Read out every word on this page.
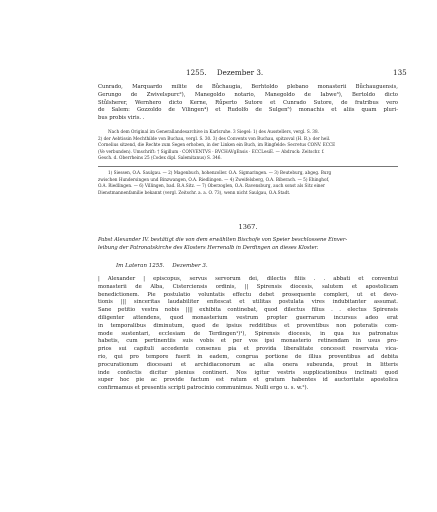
1255. Dezember 3.	135
Cunrado, Marquardo milite de Bůchaugia, Berhtoldo plebano monasterii Bůchauguensis,
Gerungo de Zwivelspurc²), Manegoldo notario, Manegoldo de Iabwe³), Bertoldo dicto
Stůlsherer, Wernhero dicto Kerne, Růperto Sutore et Cunrado Sutore, de fratribus vero
de Salem: Gozzoldo de Vilingen⁴) et Rudolfo de Sulgen⁵) monachis et aliis quam pluri-
bus probis viris. .
Nach dem Original im Generallandesarchive in Karlsruhe. 3 Siegel: 1) des Ausstellers, vergl. S. 38.
2) der Aebtissin Mechthilde von Buchau, vergl. S. 30. 3) des Convents von Buchau, spitzoval (H. B.): der heil.
Cornelius sitzend, die Rechte zum Segen erhoben, in der Linken ein Buch, im Ringfelde: Secretus CONV. ECCE
(Ve verbunden). Umschrift: † Sigillum · CONVENTVS · BVCHAVgEnsis · ECCLesiE. — Abdruck: Zeitschr. f.
Gesch. d. Oberrheins 25 (Codex dipl. Salemitanus) S. 346.
1) Siessen, O.A. Saulgau. — 2) Magenbuch, hohenzoller. O.A. Sigmaringen. — 3) Beuteburg, abgeg. Burg
zwischen Hundersingen und Binzwangen, O.A. Riedlingen. — 4) Zweifelsberg, O.A. Biberach. — 5) Ehinghof,
O.A. Riedlingen. — 6) Villingen, bad. B.A.Sitz. — 7) Oberzoglen, O.A. Ravensburg, auch sonst als Sitz einer
Dienstmannenfamilie bekannt (vergl. Zeitschr. a. a. O. 73), wenn nicht Saulgau, O.A.Stadt.
1367.
Pabst Alexander IV. bestätigt die von dem erwählten Bischofe von Speier beschlossene Einver-
leibung der Patronatskirche des Klosters Herrenalb in Derdingen an dieses Kloster.
Im Lateran 1255. Dezember 3.
| Alexander | episcopus, servus servorum dei, dilectis filiis . . abbati et conventui
monasterii de Alba, Cisterciensis ordinis, || Spirensis diocesis, salutem et apostolicam
benedictionem. Pie postulatio voluntatis effectu debet prosequente compleri, ut et devo-
tionis ||| sinceritas laudabiliter enitescat et utilitas postulata vires indubitanter assumat.
Sane petitio vestra nobis |||| exhibita continebat, quod dilectus filius . . electus Spirensis
diligenter attendens, quod monasterium vestrum propter guerrarum incursus adeo erat
in temporalibus diminutum, quod de ipsius redditibus et proventibus non poteratis com-
mode sustentari, ecclesiam de Terdingen¹)¹), Spirensis diocesis, in qua ius patronatus
habetis, cum pertinentiis suis vobis et per vos ipsi monasterio retinendam in usus pro-
prios sui capituli accedente consensu pia et provida liberalitate concessit reservata vica-
rio, qui pro tempore fuerit in eadem, congrua portione de illius proventibus ad debita
procurationum diocesani et archidiaconorum ac alia onera subeunda, prout in litteris
inde confectis dicitur plenius contineri. Nos igitur vestris supplicationibus inclinati quod
super hoc pie ac provide factum est ratum et gratum habentes id auctoritate apostolica
confirmamus et presentis scripti patrocinio communimus. Nulli ergo u. s. w.²).
